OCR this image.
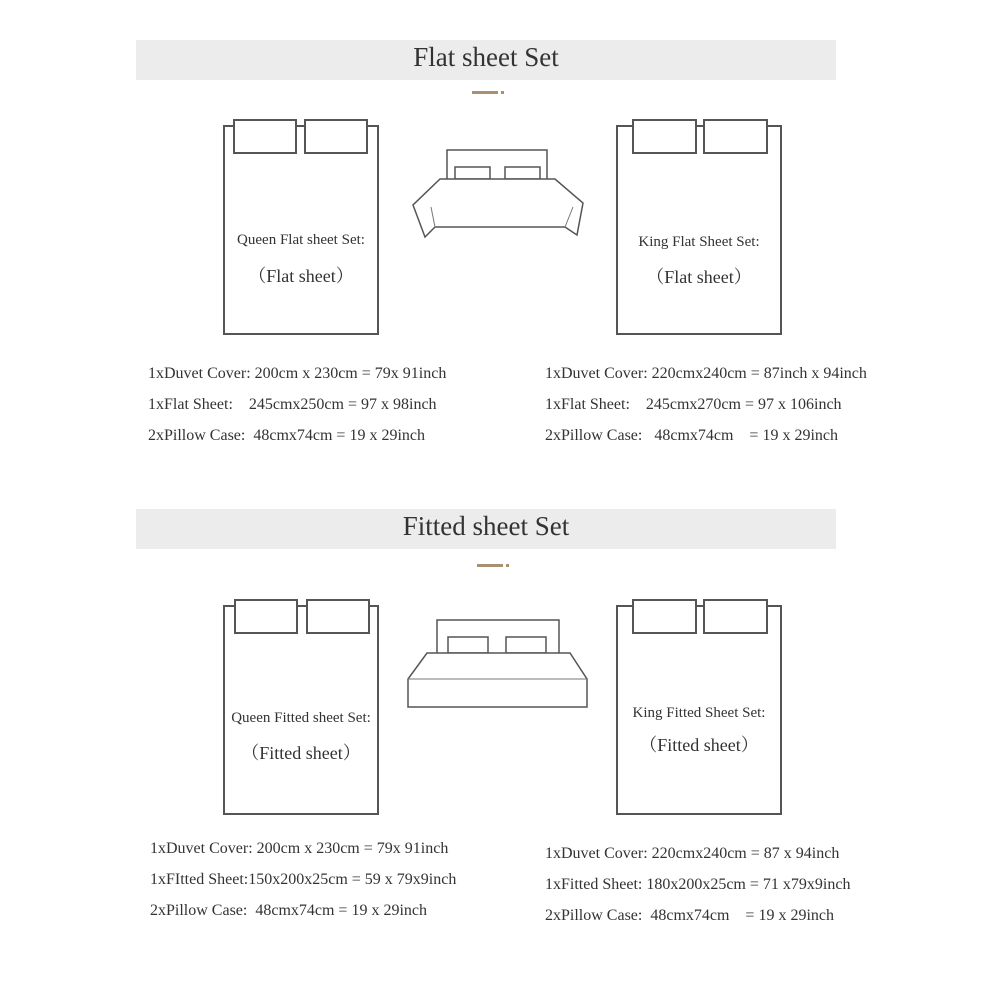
Flat sheet Set
Queen Flat sheet Set:
（Flat sheet）
King Flat Sheet Set:
（Flat sheet）
1xDuvet Cover: 200cm x 230cm = 79x 91inch
1xFlat Sheet:    245cmx250cm = 97 x 98inch
2xPillow Case:  48cmx74cm = 19 x 29inch
1xDuvet Cover: 220cmx240cm = 87inch x 94inch
1xFlat Sheet:    245cmx270cm = 97 x 106inch
2xPillow Case:   48cmx74cm    = 19 x 29inch
Fitted sheet Set
Queen Fitted sheet Set:
（Fitted sheet）
King Fitted Sheet Set:
（Fitted sheet）
1xDuvet Cover: 200cm x 230cm = 79x 91inch
1xFItted Sheet:150x200x25cm = 59 x 79x9inch
2xPillow Case:  48cmx74cm = 19 x 29inch
1xDuvet Cover: 220cmx240cm = 87 x 94inch
1xFitted Sheet: 180x200x25cm = 71 x79x9inch
2xPillow Case:  48cmx74cm    = 19 x 29inch
